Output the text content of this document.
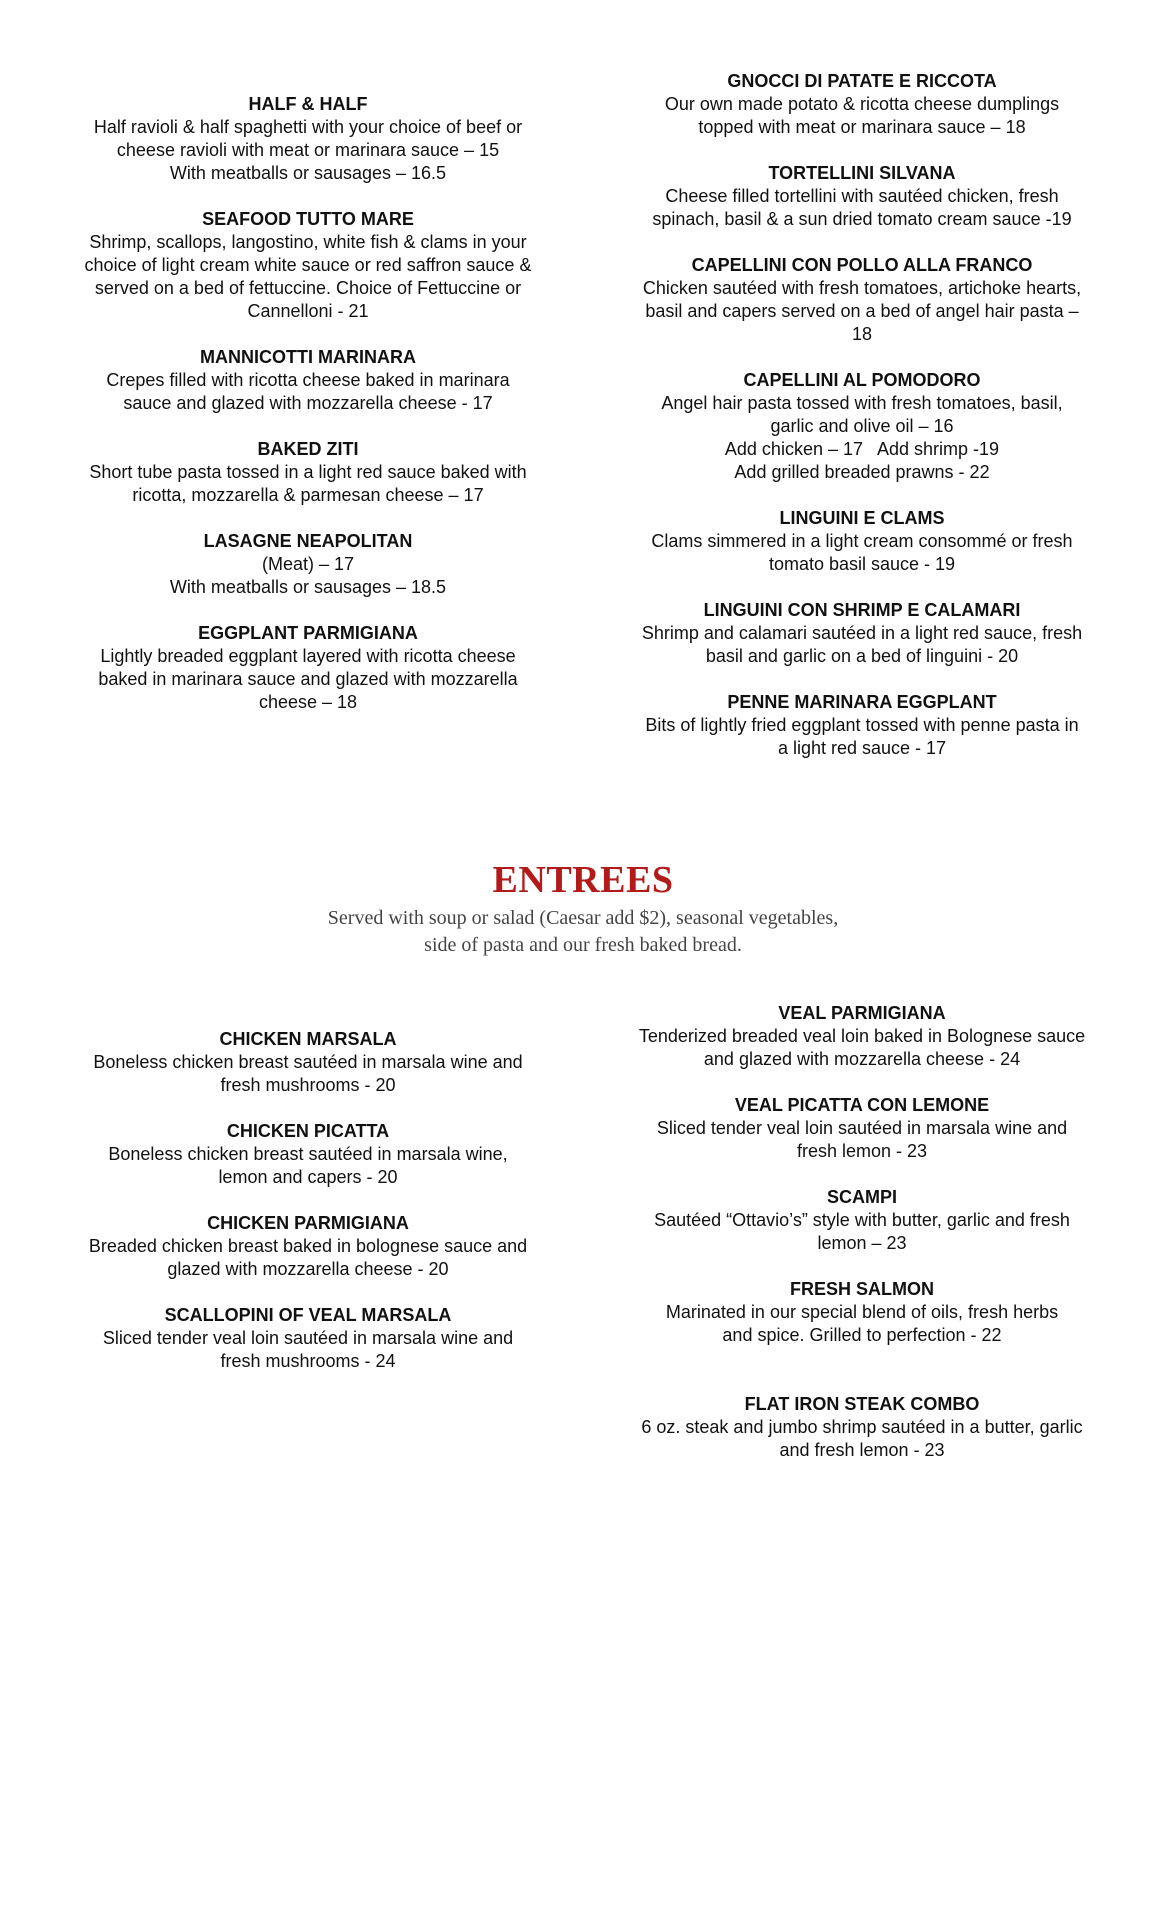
HALF & HALF

Half ravioli & half spaghetti with your choice of beef or
cheese ravioli with meat or marinara sauce – 15
With meatballs or sausages – 16.5

SEAFOOD TUTTO MARE

Shrimp, scallops, langostino, white fish & clams in your
choice of light cream white sauce or red saffron sauce &
served on a bed of fettuccine. Choice of Fettuccine or
Cannelloni - 21

MANNICOTTI MARINARA

Crepes filled with ricotta cheese baked in marinara
sauce and glazed with mozzarella cheese - 17

BAKED ZITI

Short tube pasta tossed in a light red sauce baked with
ricotta, mozzarella & parmesan cheese – 17

LASAGNE NEAPOLITAN

(Meat) – 17
With meatballs or sausages – 18.5

EGGPLANT PARMIGIANA

Lightly breaded eggplant layered with ricotta cheese
baked in marinara sauce and glazed with mozzarella
cheese – 18

GNOCCI DI PATATE E RICCOTA

Our own made potato & ricotta cheese dumplings
topped with meat or marinara sauce – 18

TORTELLINI SILVANA

Cheese filled tortellini with sautéed chicken, fresh
spinach, basil & a sun dried tomato cream sauce -19

CAPELLINI CON POLLO ALLA FRANCO

Chicken sautéed with fresh tomatoes, artichoke hearts,
basil and capers served on a bed of angel hair pasta –
18

CAPELLINI AL POMODORO

Angel hair pasta tossed with fresh tomatoes, basil,
garlic and olive oil – 16
Add chicken – 17   Add shrimp -19
Add grilled breaded prawns - 22

LINGUINI E CLAMS

Clams simmered in a light cream consommé or fresh
tomato basil sauce - 19

LINGUINI CON SHRIMP E CALAMARI

Shrimp and calamari sautéed in a light red sauce, fresh
basil and garlic on a bed of linguini - 20

PENNE MARINARA EGGPLANT

Bits of lightly fried eggplant tossed with penne pasta in
a light red sauce - 17

ENTREES
Served with soup or salad (Caesar add $2), seasonal vegetables,
side of pasta and our fresh baked bread.

CHICKEN MARSALA

Boneless chicken breast sautéed in marsala wine and
fresh mushrooms - 20

CHICKEN PICATTA

Boneless chicken breast sautéed in marsala wine,
lemon and capers - 20

CHICKEN PARMIGIANA

Breaded chicken breast baked in bolognese sauce and
glazed with mozzarella cheese - 20

SCALLOPINI OF VEAL MARSALA

Sliced tender veal loin sautéed in marsala wine and
fresh mushrooms - 24

VEAL PARMIGIANA

Tenderized breaded veal loin baked in Bolognese sauce
and glazed with mozzarella cheese - 24

VEAL PICATTA CON LEMONE

Sliced tender veal loin sautéed in marsala wine and
fresh lemon - 23

SCAMPI

Sautéed “Ottavio’s” style with butter, garlic and fresh
lemon – 23

FRESH SALMON

Marinated in our special blend of oils, fresh herbs
and spice. Grilled to perfection - 22

FLAT IRON STEAK COMBO

6 oz. steak and jumbo shrimp sautéed in a butter, garlic
and fresh lemon - 23
